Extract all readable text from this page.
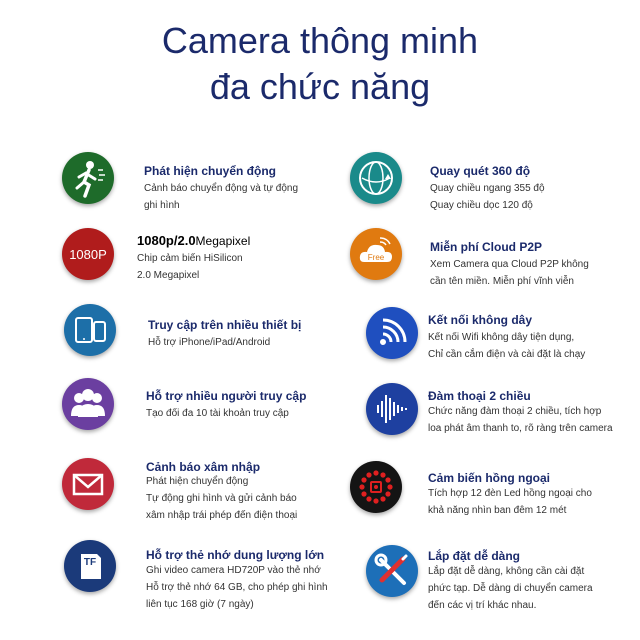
Camera thông minh
đa chức năng
Phát hiện chuyển động
Cảnh báo chuyển động và tự động
ghi hình
1080P
1080p/2.0Megapixel
Chip cảm biến HiSilicon
2.0 Megapixel
Truy cập trên nhiều thiết bị
Hỗ trợ iPhone/iPad/Android
Hỗ trợ nhiều người truy cập
Tạo đối đa 10 tài khoản truy cập
Cảnh báo xâm nhập
Phát hiện chuyển động
Tự động ghi hình và gửi cảnh báo
xâm nhập trái phép đến điện thoại
TF
Hỗ trợ thẻ nhớ dung lượng lớn
Ghi video camera HD720P vào thẻ nhớ
Hỗ trợ thẻ nhớ 64 GB, cho phép ghi hình
liên tục 168 giờ (7 ngày)
Quay quét 360 độ
Quay chiều ngang 355 độ
Quay chiều dọc 120 độ
Free
Miễn phí Cloud P2P
Xem Camera qua Cloud P2P không
cần tên miền. Miễn phí vĩnh viễn
Kết nối không dây
Kết nối Wifi không dây tiện dụng,
Chỉ cần cắm điện và cài đặt là chạy
Đàm thoại 2 chiều
Chức năng đàm thoại 2 chiều, tích hợp
loa phát âm thanh to, rõ ràng trên camera
Cảm biến hồng ngoại
Tích hợp 12 đèn Led hồng ngoại cho
khả năng nhìn ban đêm 12 mét
Lắp đặt dễ dàng
Lắp đặt dễ dàng, không cần cài đặt
phức tạp. Dễ dàng di chuyển camera
đến các vị trí khác nhau.
